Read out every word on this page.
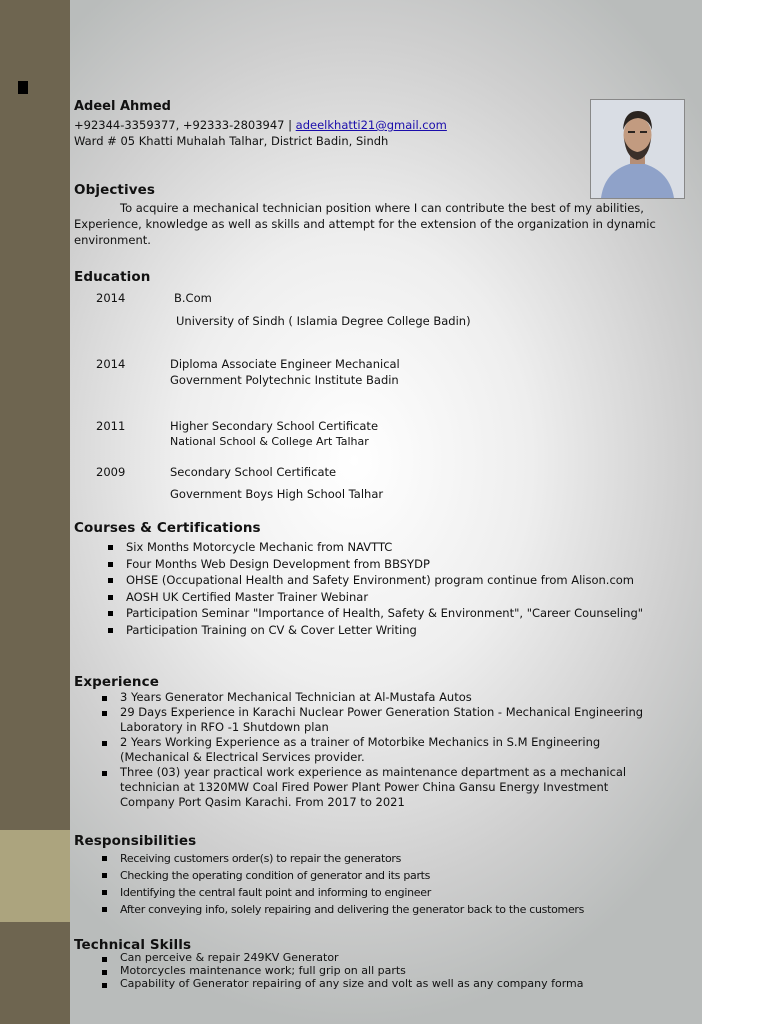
Adeel Ahmed
+92344-3359377, +92333-2803947 | adeelkhatti21@gmail.com
Ward # 05 Khatti Muhalah Talhar, District Badin, Sindh
Objectives
To acquire a mechanical technician position where I can contribute the best of my abilities,
Experience, knowledge as well as skills and attempt for the extension of the organization in dynamic
environment.
Education
2014	B.Com
University of Sindh ( Islamia Degree College Badin)
2014	Diploma Associate Engineer Mechanical
Government Polytechnic Institute Badin
2011	Higher Secondary School Certificate
National School & College Art Talhar
2009	Secondary School Certificate
Government Boys High School Talhar
Courses & Certifications
Six Months Motorcycle Mechanic from NAVTTC
Four Months Web Design Development from BBSYDP
OHSE (Occupational Health and Safety Environment) program continue from Alison.com
AOSH UK Certified Master Trainer Webinar
Participation Seminar "Importance of Health, Safety & Environment", "Career Counseling"
Participation Training on CV & Cover Letter Writing
Experience
3 Years Generator Mechanical Technician at Al-Mustafa Autos
29 Days Experience in Karachi Nuclear Power Generation Station - Mechanical Engineering Laboratory in RFO -1 Shutdown plan
2 Years Working Experience as a trainer of Motorbike Mechanics in S.M Engineering (Mechanical & Electrical Services provider.
Three (03) year practical work experience as maintenance department as a mechanical technician at 1320MW Coal Fired Power Plant Power China Gansu Energy Investment Company Port Qasim Karachi. From 2017 to 2021
Responsibilities
Receiving customers order(s) to repair the generators
Checking the operating condition of generator and its parts
Identifying the central fault point and informing to engineer
After conveying info, solely repairing and delivering the generator back to the customers
Technical Skills
Can perceive & repair 249KV Generator
Motorcycles maintenance work; full grip on all parts
Capability of Generator repairing of any size and volt as well as any company forma
